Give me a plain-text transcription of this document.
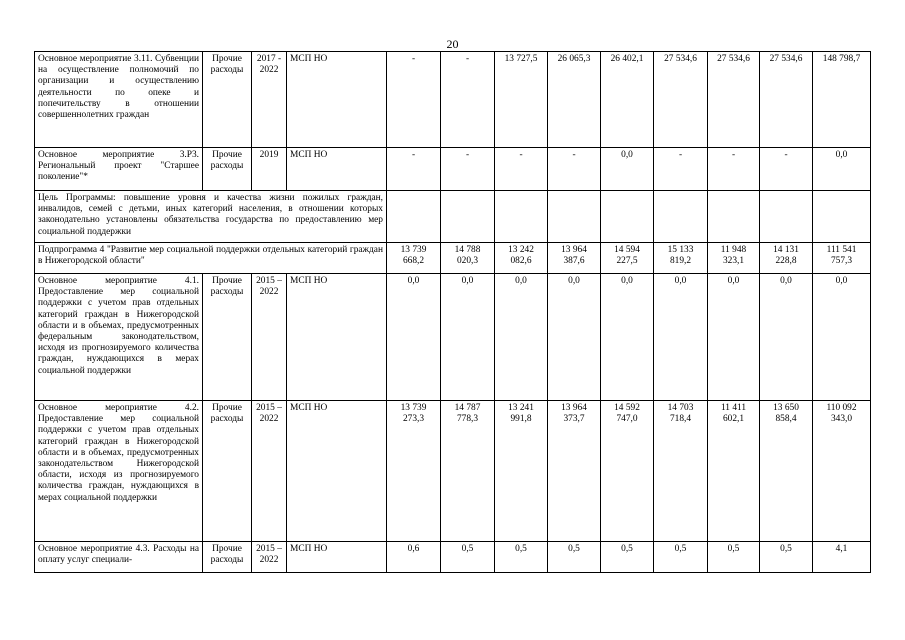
20
Основное мероприятие 3.11. Субвенции на осуществление полномочий по организации и осуществлению деятельности по опеке и попечительству в отношении совершеннолетних граждан	Прочие расходы	2017 - 2022	МСП НО	-	-	13 727,5	26 065,3	26 402,1	27 534,6	27 534,6	27 534,6	148 798,7
Основное мероприятие 3.Р3. Региональный проект "Старшее поколение"*	Прочие расходы	2019	МСП НО	-	-	-	-	0,0	-	-	-	0,0
Цель Программы: повышение уровня и качества жизни пожилых граждан, инвалидов, семей с детьми, иных категорий населения, в отношении которых законодательно установлены обязательства государства по предоставлению мер социальной поддержки												
Подпрограмма 4 "Развитие мер социальной поддержки отдельных категорий граждан в Нижегородской области"				13 739 668,2	14 788 020,3	13 242 082,6	13 964 387,6	14 594 227,5	15 133 819,2	11 948 323,1	14 131 228,8	111 541 757,3
Основное мероприятие 4.1. Предоставление мер социальной поддержки с учетом прав отдельных категорий граждан в Нижегородской области и в объемах, предусмотренных федеральным законодательством, исходя из прогнозируемого количества граждан, нуждающихся в мерах социальной поддержки	Прочие расходы	2015 – 2022	МСП НО	0,0	0,0	0,0	0,0	0,0	0,0	0,0	0,0	0,0
Основное мероприятие 4.2. Предоставление мер социальной поддержки с учетом прав отдельных категорий граждан в Нижегородской области и в объемах, предусмотренных законодательством Нижегородской области, исходя из прогнозируемого количества граждан, нуждающихся в мерах социальной поддержки	Прочие расходы	2015 – 2022	МСП НО	13 739 273,3	14 787 778,3	13 241 991,8	13 964 373,7	14 592 747,0	14 703 718,4	11 411 602,1	13 650 858,4	110 092 343,0
Основное мероприятие 4.3. Расходы на оплату услуг специали-	Прочие расходы	2015 – 2022	МСП НО	0,6	0,5	0,5	0,5	0,5	0,5	0,5	0,5	4,1
